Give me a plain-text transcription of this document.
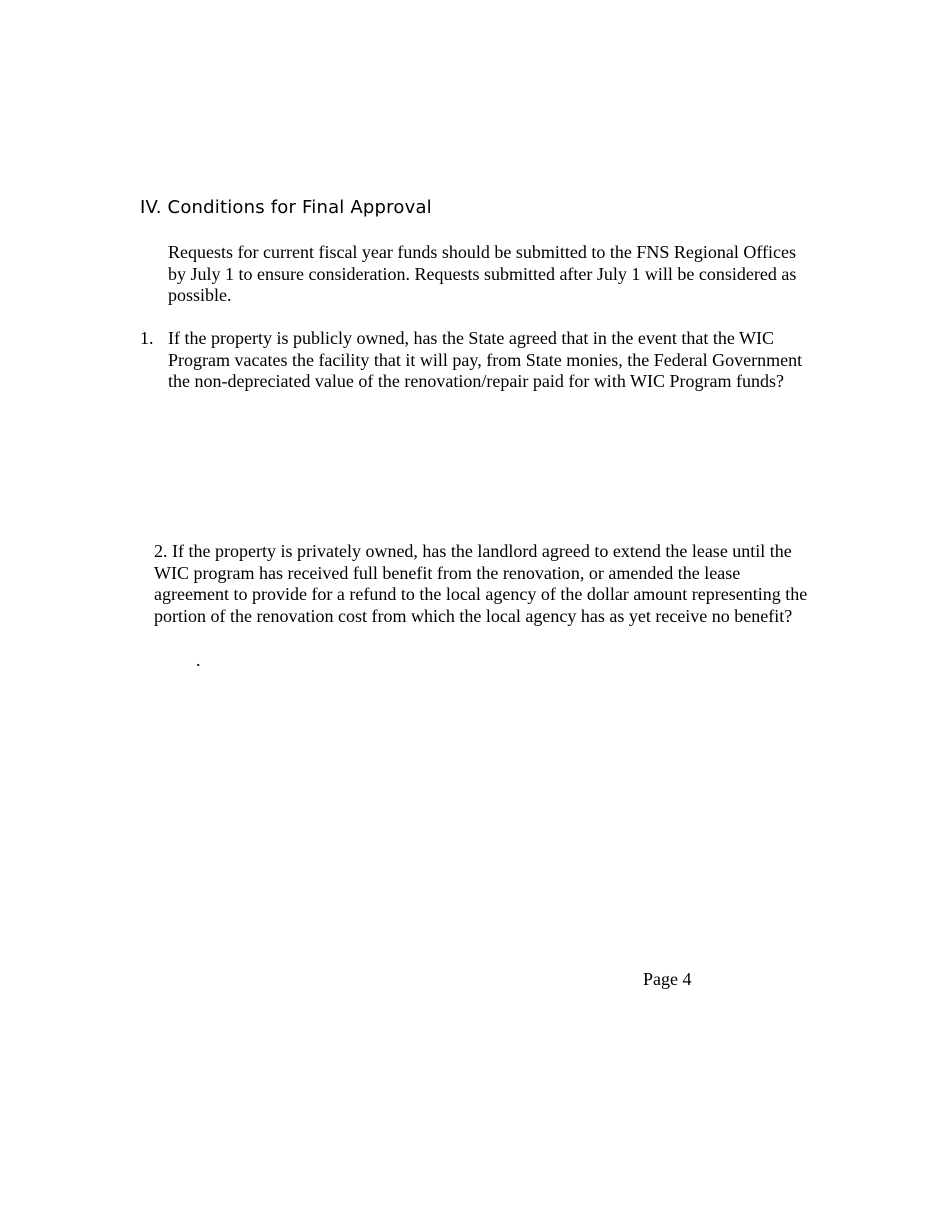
IV. Conditions for Final Approval

Requests for current fiscal year funds should be submitted to the FNS Regional Offices by July 1 to ensure consideration. Requests submitted after July 1 will be considered as possible.

1. If the property is publicly owned, has the State agreed that in the event that the WIC Program vacates the facility that it will pay, from State monies, the Federal Government the non-depreciated value of the renovation/repair paid for with WIC Program funds?

2. If the property is privately owned, has the landlord agreed to extend the lease until the WIC program has received full benefit from the renovation, or amended the lease agreement to provide for a refund to the local agency of the dollar amount representing the portion of the renovation cost from which the local agency has as yet receive no benefit?

.
Page 4
